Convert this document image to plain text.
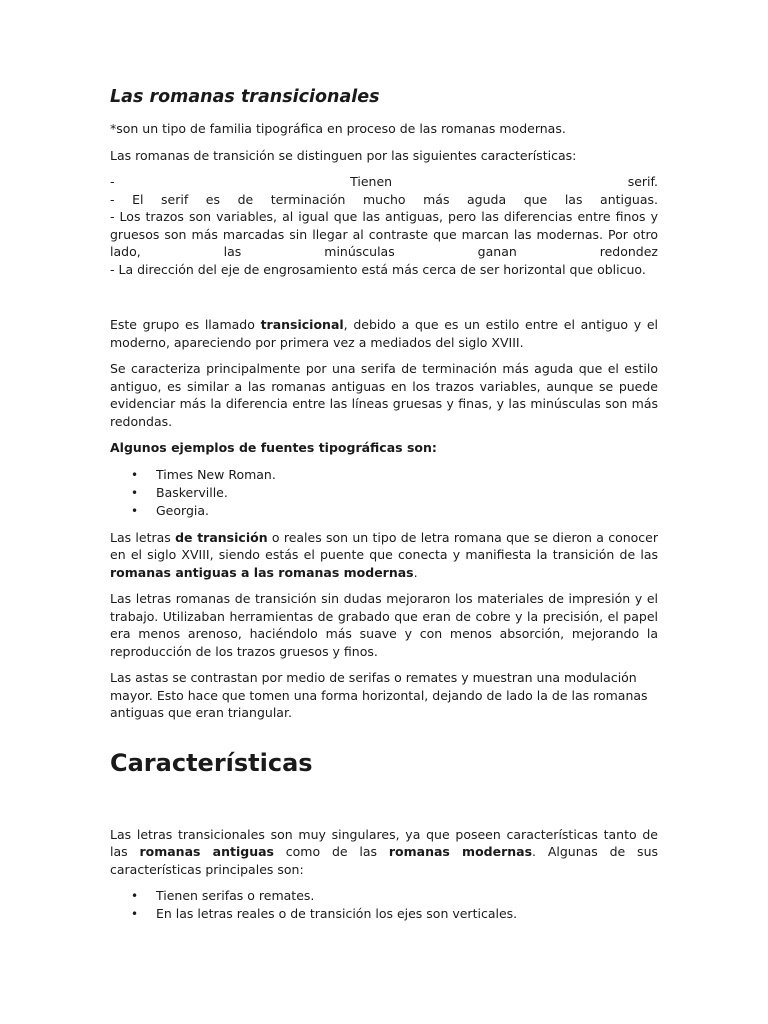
Las romanas transicionales

*son un tipo de familia tipográfica en proceso de las romanas modernas.

Las romanas de transición se distinguen por las siguientes características:

-	Tienen	serif.
- El serif es de terminación mucho más aguda que las antiguas.
- Los trazos son variables, al igual que las antiguas, pero las diferencias entre finos y gruesos son más marcadas sin llegar al contraste que marcan las modernas. Por otro lado, las minúsculas ganan redondez
- La dirección del eje de engrosamiento está más cerca de ser horizontal que oblicuo.

Este grupo es llamado transicional, debido a que es un estilo entre el antiguo y el moderno, apareciendo por primera vez a mediados del siglo XVIII.

Se caracteriza principalmente por una serifa de terminación más aguda que el estilo antiguo, es similar a las romanas antiguas en los trazos variables, aunque se puede evidenciar más la diferencia entre las líneas gruesas y finas, y las minúsculas son más redondas.

Algunos ejemplos de fuentes tipográficas son:

• Times New Roman.
• Baskerville.
• Georgia.

Las letras de transición o reales son un tipo de letra romana que se dieron a conocer en el siglo XVIII, siendo estás el puente que conecta y manifiesta la transición de las romanas antiguas a las romanas modernas.

Las letras romanas de transición sin dudas mejoraron los materiales de impresión y el trabajo. Utilizaban herramientas de grabado que eran de cobre y la precisión, el papel era menos arenoso, haciéndolo más suave y con menos absorción, mejorando la reproducción de los trazos gruesos y finos.

Las astas se contrastan por medio de serifas o remates y muestran una modulación mayor. Esto hace que tomen una forma horizontal, dejando de lado la de las romanas antiguas que eran triangular.

Características

Las letras transicionales son muy singulares, ya que poseen características tanto de las romanas antiguas como de las romanas modernas. Algunas de sus características principales son:

• Tienen serifas o remates.
• En las letras reales o de transición los ejes son verticales.
